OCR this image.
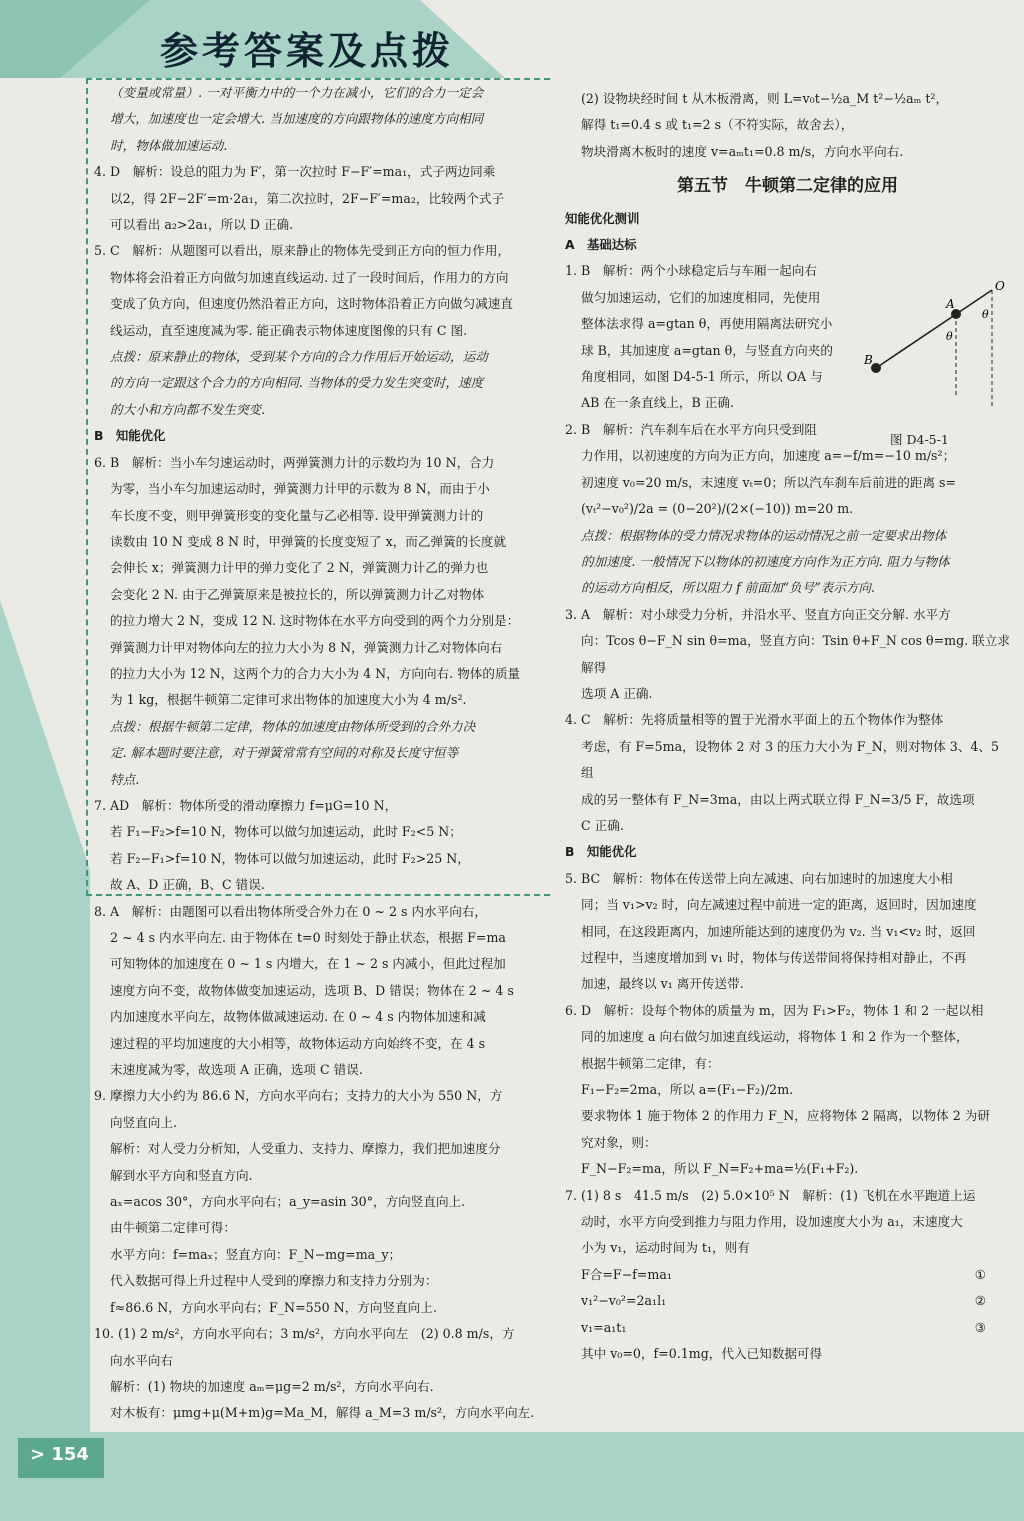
参考答案及点拨

（变量或常量）. 一对平衡力中的一个力在减小，它们的合力一定会

增大，加速度也一定会增大. 当加速度的方向跟物体的速度方向相同

时，物体做加速运动.

4. D　解析：设总的阻力为 F′，第一次拉时 F−F′=ma₁，式子两边同乘

以2，得 2F−2F′=m·2a₁，第二次拉时，2F−F′=ma₂，比较两个式子

可以看出 a₂>2a₁，所以 D 正确.

5. C　解析：从题图可以看出，原来静止的物体先受到正方向的恒力作用，

物体将会沿着正方向做匀加速直线运动. 过了一段时间后，作用力的方向

变成了负方向，但速度仍然沿着正方向，这时物体沿着正方向做匀减速直

线运动，直至速度减为零. 能正确表示物体速度图像的只有 C 图.

点拨：原来静止的物体，受到某个方向的合力作用后开始运动，运动

的方向一定跟这个合力的方向相同. 当物体的受力发生突变时，速度

的大小和方向都不发生突变.

B　知能优化

6. B　解析：当小车匀速运动时，两弹簧测力计的示数均为 10 N，合力

为零，当小车匀加速运动时，弹簧测力计甲的示数为 8 N，而由于小

车长度不变，则甲弹簧形变的变化量与乙必相等. 设甲弹簧测力计的

读数由 10 N 变成 8 N 时，甲弹簧的长度变短了 x，而乙弹簧的长度就

会伸长 x；弹簧测力计甲的弹力变化了 2 N，弹簧测力计乙的弹力也

会变化 2 N. 由于乙弹簧原来是被拉长的，所以弹簧测力计乙对物体

的拉力增大 2 N，变成 12 N. 这时物体在水平方向受到的两个力分别是：

弹簧测力计甲对物体向左的拉力大小为 8 N，弹簧测力计乙对物体向右

的拉力大小为 12 N，这两个力的合力大小为 4 N，方向向右. 物体的质量

为 1 kg，根据牛顿第二定律可求出物体的加速度大小为 4 m/s².

点拨：根据牛顿第二定律，物体的加速度由物体所受到的合外力决

定. 解本题时要注意，对于弹簧常常有空间的对称及长度守恒等

特点.

7. AD　解析：物体所受的滑动摩擦力 f=μG=10 N，

若 F₁−F₂>f=10 N，物体可以做匀加速运动，此时 F₂<5 N；

若 F₂−F₁>f=10 N，物体可以做匀加速运动，此时 F₂>25 N，

故 A、D 正确，B、C 错误.

8. A　解析：由题图可以看出物体所受合外力在 0 ~ 2 s 内水平向右，

2 ~ 4 s 内水平向左. 由于物体在 t=0 时刻处于静止状态，根据 F=ma

可知物体的加速度在 0 ~ 1 s 内增大，在 1 ~ 2 s 内减小，但此过程加

速度方向不变，故物体做变加速运动，选项 B、D 错误；物体在 2 ~ 4 s

内加速度水平向左，故物体做减速运动. 在 0 ~ 4 s 内物体加速和减

速过程的平均加速度的大小相等，故物体运动方向始终不变，在 4 s

末速度减为零，故选项 A 正确，选项 C 错误.

9. 摩擦力大小约为 86.6 N，方向水平向右；支持力的大小为 550 N，方

向竖直向上.

解析：对人受力分析知，人受重力、支持力、摩擦力，我们把加速度分

解到水平方向和竖直方向.

aₓ=acos 30°，方向水平向右；a_y=asin 30°，方向竖直向上.

由牛顿第二定律可得：

水平方向：f=maₓ；竖直方向：F_N−mg=ma_y；

代入数据可得上升过程中人受到的摩擦力和支持力分别为：

f≈86.6 N，方向水平向右；F_N=550 N，方向竖直向上.

10. (1) 2 m/s²，方向水平向右；3 m/s²，方向水平向左　(2) 0.8 m/s，方

向水平向右

解析：(1) 物块的加速度 aₘ=μg=2 m/s²，方向水平向右.

对木板有：μmg+μ(M+m)g=Ma_M，解得 a_M=3 m/s²，方向水平向左.

(2) 设物块经时间 t 从木板滑离，则 L=v₀t−½a_M t²−½aₘ t²，

解得 t₁=0.4 s 或 t₁=2 s（不符实际，故舍去），

物块滑离木板时的速度 v=aₘt₁=0.8 m/s，方向水平向右.

第五节　牛顿第二定律的应用

知能优化测训

A　基础达标

1. B　解析：两个小球稳定后与车厢一起向右

做匀加速运动，它们的加速度相同，先使用

整体法求得 a=gtan θ，再使用隔离法研究小

球 B，其加速度 a=gtan θ，与竖直方向夹的

角度相同，如图 D4-5-1 所示，所以 OA 与

AB 在一条直线上，B 正确.

2. B　解析：汽车刹车后在水平方向只受到阻

力作用，以初速度的方向为正方向，加速度 a=−f/m=−10 m/s²；

初速度 v₀=20 m/s，末速度 vₜ=0；所以汽车刹车后前进的距离 s=

(vₜ²−v₀²)/2a = (0−20²)/(2×(−10)) m=20 m.

点拨：根据物体的受力情况求物体的运动情况之前一定要求出物体

的加速度. 一般情况下以物体的初速度方向作为正方向. 阻力与物体

的运动方向相反，所以阻力 f 前面加“负号”表示方向.

3. A　解析：对小球受力分析，并沿水平、竖直方向正交分解. 水平方

向：Tcos θ−F_N sin θ=ma，竖直方向：Tsin θ+F_N cos θ=mg. 联立求解得

选项 A 正确.

4. C　解析：先将质量相等的置于光滑水平面上的五个物体作为整体

考虑，有 F=5ma，设物体 2 对 3 的压力大小为 F_N，则对物体 3、4、5 组

成的另一整体有 F_N=3ma，由以上两式联立得 F_N=3/5 F，故选项

C 正确.

B　知能优化

5. BC　解析：物体在传送带上向左减速、向右加速时的加速度大小相

同；当 v₁>v₂ 时，向左减速过程中前进一定的距离，返回时，因加速度

相同，在这段距离内，加速所能达到的速度仍为 v₂. 当 v₁<v₂ 时，返回

过程中，当速度增加到 v₁ 时，物体与传送带间将保持相对静止，不再

加速，最终以 v₁ 离开传送带.

6. D　解析：设每个物体的质量为 m，因为 F₁>F₂，物体 1 和 2 一起以相

同的加速度 a 向右做匀加速直线运动，将物体 1 和 2 作为一个整体，

根据牛顿第二定律，有：

F₁−F₂=2ma，所以 a=(F₁−F₂)/2m.

要求物体 1 施于物体 2 的作用力 F_N，应将物体 2 隔离，以物体 2 为研

究对象，则：

F_N−F₂=ma，所以 F_N=F₂+ma=½(F₁+F₂).

7. (1) 8 s　41.5 m/s　(2) 5.0×10⁵ N　解析：(1) 飞机在水平跑道上运

动时，水平方向受到推力与阻力作用，设加速度大小为 a₁，末速度大

小为 v₁，运动时间为 t₁，则有

F合=F−f=ma₁	①
v₁²−v₀²=2a₁l₁	②
v₁=a₁t₁	③

其中 v₀=0，f=0.1mg，代入已知数据可得

O
A
B
θ
θ
图 D4-5-1
> 154
